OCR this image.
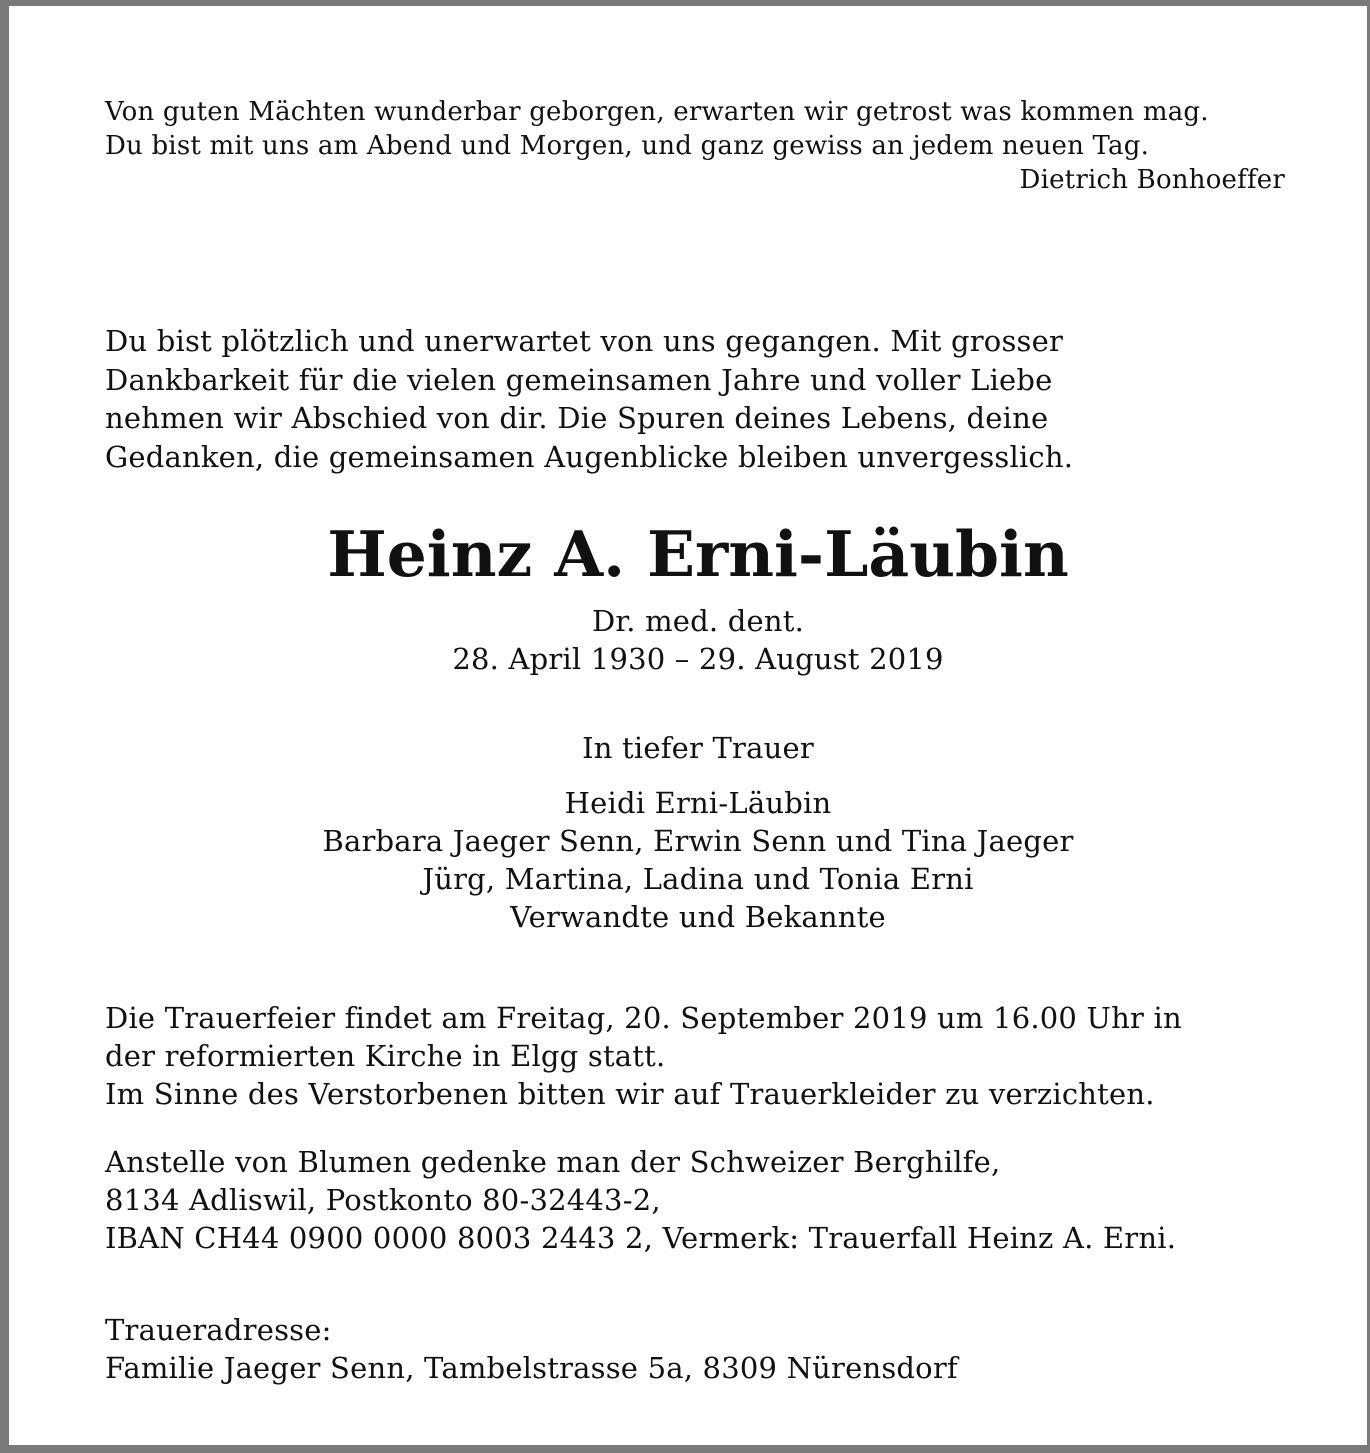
Von guten Mächten wunderbar geborgen, erwarten wir getrost was kommen mag.
Du bist mit uns am Abend und Morgen, und ganz gewiss an jedem neuen Tag.
Dietrich Bonhoeffer
Du bist plötzlich und unerwartet von uns gegangen. Mit grosser
Dankbarkeit für die vielen gemeinsamen Jahre und voller Liebe
nehmen wir Abschied von dir. Die Spuren deines Lebens, deine
Gedanken, die gemeinsamen Augenblicke bleiben unvergesslich.
Heinz A. Erni-Läubin
Dr. med. dent.
28. April 1930 – 29. August 2019
In tiefer Trauer
Heidi Erni-Läubin
Barbara Jaeger Senn, Erwin Senn und Tina Jaeger
Jürg, Martina, Ladina und Tonia Erni
Verwandte und Bekannte
Die Trauerfeier findet am Freitag, 20. September 2019 um 16.00 Uhr in
der reformierten Kirche in Elgg statt.
Im Sinne des Verstorbenen bitten wir auf Trauerkleider zu verzichten.
Anstelle von Blumen gedenke man der Schweizer Berghilfe,
8134 Adliswil, Postkonto 80-32443-2,
IBAN CH44 0900 0000 8003 2443 2, Vermerk: Trauerfall Heinz A. Erni.
Traueradresse:
Familie Jaeger Senn, Tambelstrasse 5a, 8309 Nürensdorf
